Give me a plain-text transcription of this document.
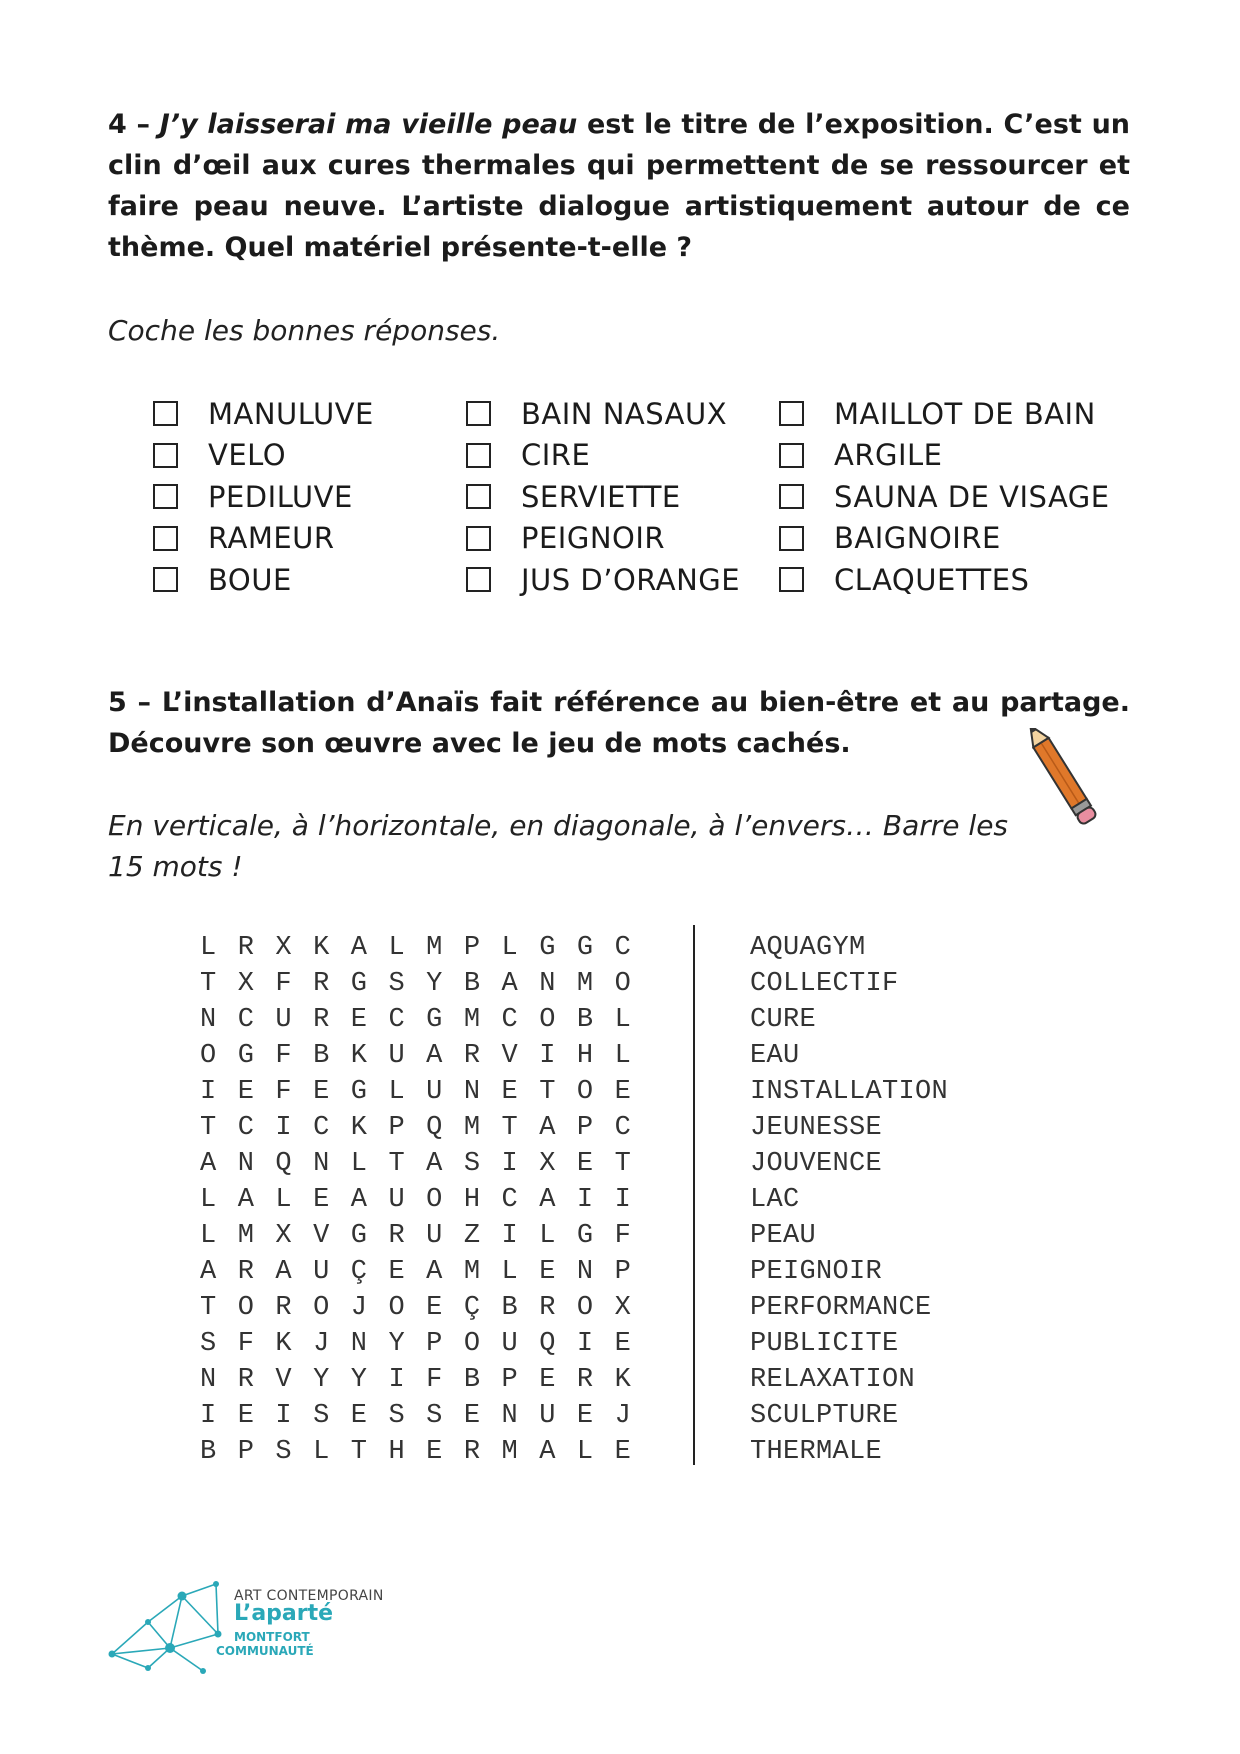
4 – J’y laisserai ma vieille peau est le titre de l’exposition. C’est un clin d’œil aux cures thermales qui permettent de se ressourcer et faire peau neuve. L’artiste dialogue artistiquement autour de ce thème. Quel matériel présente-t-elle ?

Coche les bonnes réponses.

MANULUVE	BAIN NASAUX	MAILLOT DE BAIN
VELO	CIRE	ARGILE
PEDILUVE	SERVIETTE	SAUNA DE VISAGE
RAMEUR	PEIGNOIR	BAIGNOIRE
BOUE	JUS D’ORANGE	CLAQUETTES

5 – L’installation d’Anaïs fait référence au bien-être et au partage. Découvre son œuvre avec le jeu de mots cachés.

En verticale, à l’horizontale, en diagonale, à l’envers… Barre les 15 mots !

L R X K A L M P L G G C
T X F R G S Y B A N M O
N C U R E C G M C O B L
O G F B K U A R V I H L
I E F E G L U N E T O E
T C I C K P Q M T A P C
A N Q N L T A S I X E T
L A L E A U O H C A I I
L M X V G R U Z I L G F
A R A U Ç E A M L E N P
T O R O J O E Ç B R O X
S F K J N Y P O U Q I E
N R V Y Y I F B P E R K
I E I S E S S E N U E J
B P S L T H E R M A L E
AQUAGYM
COLLECTIF
CURE
EAU
INSTALLATION
JEUNESSE
JOUVENCE
LAC
PEAU
PEIGNOIR
PERFORMANCE
PUBLICITE
RELAXATION
SCULPTURE
THERMALE
ART CONTEMPORAIN
L’aparté
MONTFORT
COMMUNAUTÉ
